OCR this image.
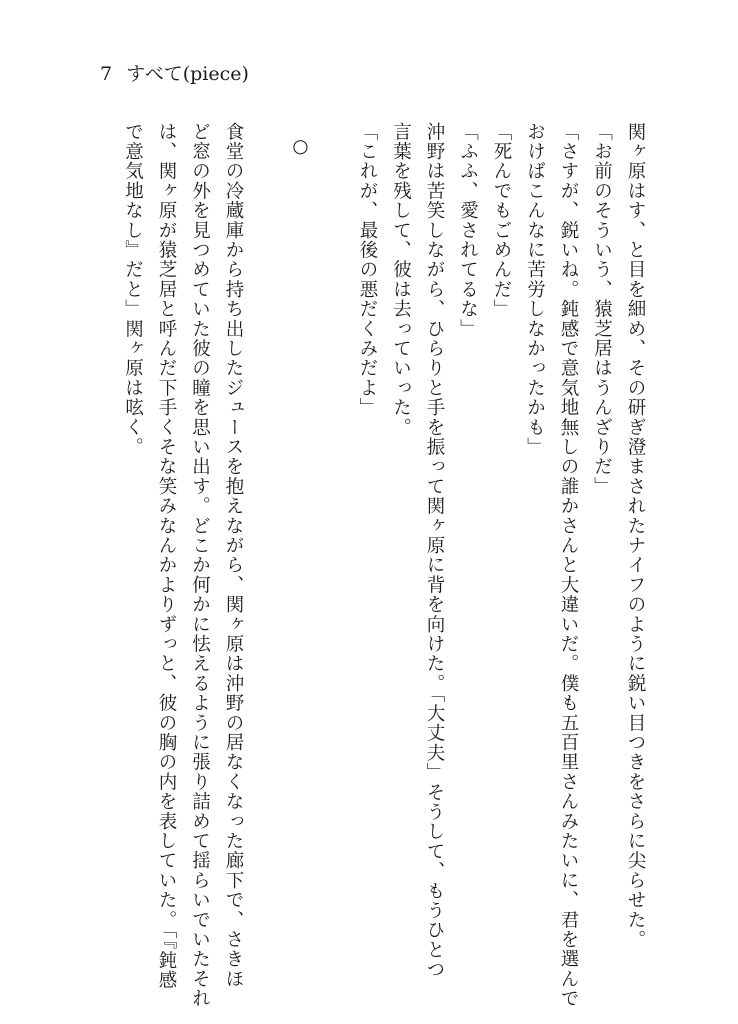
7 すべて(piece)
関ヶ原はす、と目を細め、その研ぎ澄まされたナイフのように鋭い目つきをさらに尖らせた。
「お前のそういう、猿芝居はうんざりだ」
「さすが、鋭いね。鈍感で意気地無しの誰かさんと大違いだ。僕も五百里さんみたいに、君を選んで
おけばこんなに苦労しなかったかも」
「死んでもごめんだ」
「ふふ、愛されてるな」
沖野は苦笑しながら、ひらりと手を振って関ヶ原に背を向けた。「大丈夫」そうして、もうひとつ
言葉を残して、彼は去っていった。
「これが、最後の悪だくみだよ」
○
食堂の冷蔵庫から持ち出したジュースを抱えながら、関ヶ原は沖野の居なくなった廊下で、さきほ
ど窓の外を見つめていた彼の瞳を思い出す。どこか何かに怯えるように張り詰めて揺らいでいたそれ
は、関ヶ原が猿芝居と呼んだ下手くそな笑みなんかよりずっと、彼の胸の内を表していた。「『鈍感
で意気地なし』だと」関ヶ原は呟く。
